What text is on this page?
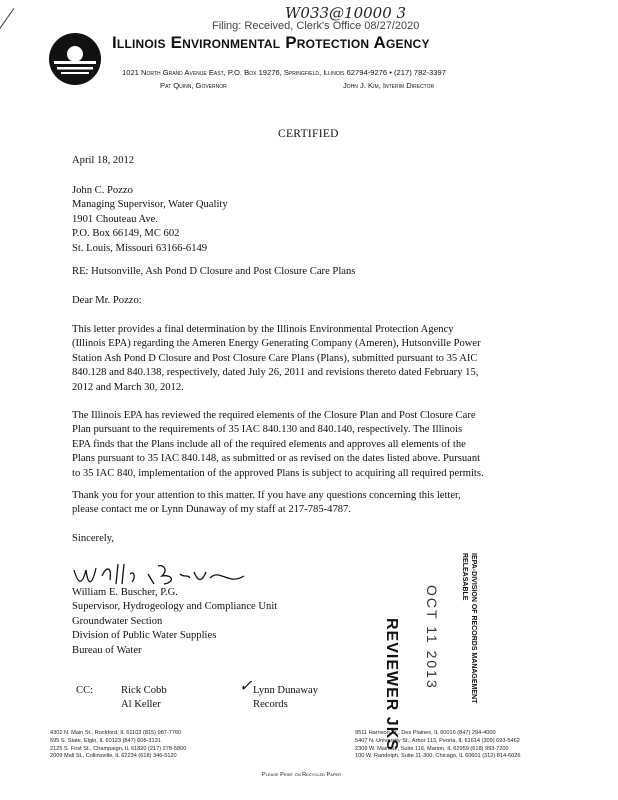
W033@10000 3
Filing: Received, Clerk's Office 08/27/2020
Illinois Environmental Protection Agency
1021 North Grand Avenue East, P.O. Box 19276, Springfield, Illinois 62794-9276 • (217) 782-3397
Pat Quinn, Governor	John J. Kim, Interim Director
CERTIFIED
April 18, 2012
John C. Pozzo
Managing Supervisor, Water Quality
1901 Chouteau Ave.
P.O. Box 66149, MC 602
St. Louis, Missouri 63166-6149
RE: Hutsonville, Ash Pond D Closure and Post Closure Care Plans
Dear Mr. Pozzo:
This letter provides a final determination by the Illinois Environmental Protection Agency
(Illinois EPA) regarding the Ameren Energy Generating Company (Ameren), Hutsonville Power
Station Ash Pond D Closure and Post Closure Care Plans (Plans), submitted pursuant to 35 AIC
840.128 and 840.138, respectively, dated July 26, 2011 and revisions thereto dated February 15,
2012 and March 30, 2012.
The Illinois EPA has reviewed the required elements of the Closure Plan and Post Closure Care
Plan pursuant to the requirements of 35 IAC 840.130 and 840.140, respectively. The Illinois
EPA finds that the Plans include all of the required elements and approves all elements of the
Plans pursuant to 35 IAC 840.148, as submitted or as revised on the dates listed above. Pursuant
to 35 IAC 840, implementation of the approved Plans is subject to acquiring all required permits.
Thank you for your attention to this matter. If you have any questions concerning this letter,
please contact me or Lynn Dunaway of my staff at 217-785-4787.
Sincerely,
William E. Buscher, P.G.
Supervisor, Hydrogeology and Compliance Unit
Groundwater Section
Division of Public Water Supplies
Bureau of Water
CC:	Rick Cobb
Al Keller
✓ Lynn Dunaway
Records	REVIEWER JKS OCT 11 2013	IEPA-DIVISION OF RECORDS MANAGEMENT
RELEASABLE
4302 N. Main St., Rockford, IL 61103 (815) 987-7760
595 S. State, Elgin, IL 60123 (847) 608-3131
2125 S. First St., Champaign, IL 61820 (217) 278-5800
2009 Mall St., Collinsville, IL 62234 (618) 346-5120
9511 Harrison St., Des Plaines, IL 60016 (847) 294-4000
5407 N. University St., Arbor 113, Peoria, IL 61614 (309) 693-5462
2309 W. Main St., Suite 116, Marion, IL 62959 (618) 993-7200
100 W. Randolph, Suite 11-300, Chicago, IL 60601 (312) 814-6026
Please Print on Recycled Paper
